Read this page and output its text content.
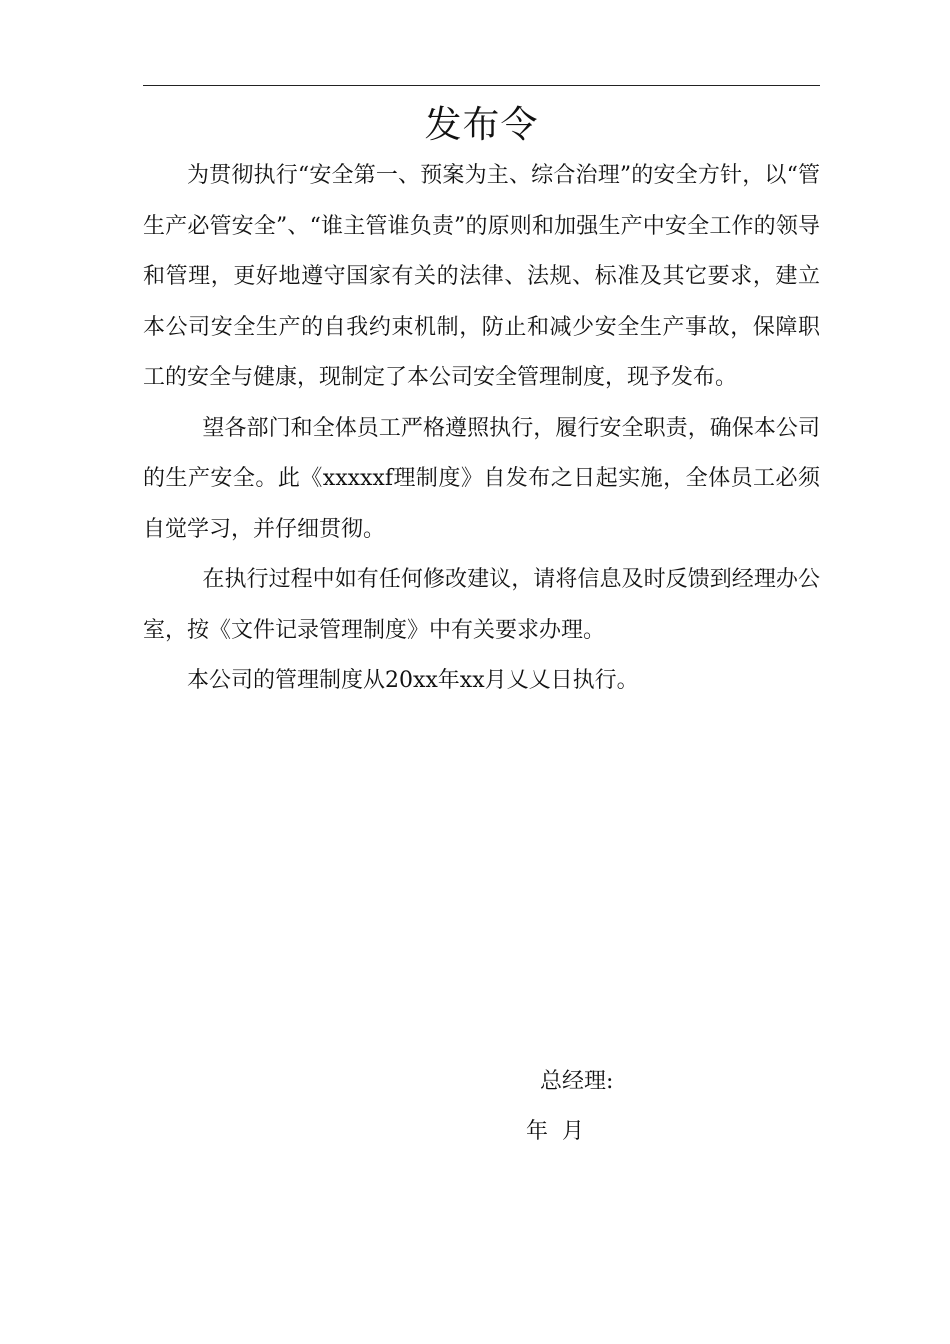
发布令

为贯彻执行“安全第一、预案为主、综合治理”的安全方针，以“管生产必管安全”、“谁主管谁负责”的原则和加强生产中安全工作的领导和管理，更好地遵守国家有关的法律、法规、标准及其它要求，建立本公司安全生产的自我约束机制，防止和减少安全生产事故，保障职工的安全与健康，现制定了本公司安全管理制度，现予发布。

望各部门和全体员工严格遵照执行，履行安全职责，确保本公司的生产安全。此《xxxxxf理制度》自发布之日起实施，全体员工必须自觉学习，并仔细贯彻。

在执行过程中如有任何修改建议，请将信息及时反馈到经理办公室，按《文件记录管理制度》中有关要求办理。

本公司的管理制度从20xx年xx月乂乂日执行。

总经理:
年 月
